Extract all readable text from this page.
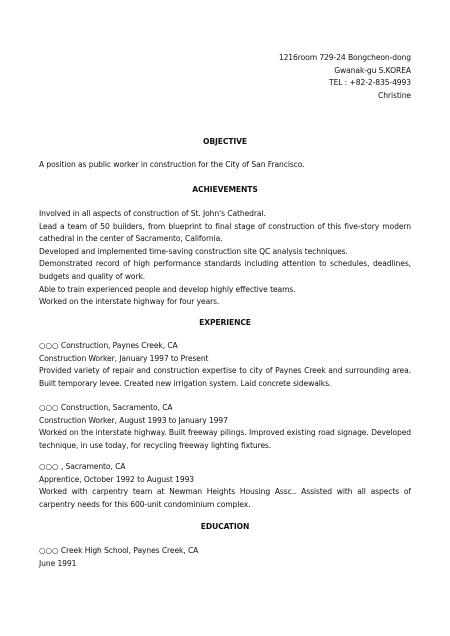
1216room 729-24 Bongcheon-dong
Gwanak-gu S.KOREA
TEL : +82-2-835-4993
Christine
OBJECTIVE
A position as public worker in construction for the City of San Francisco.
ACHIEVEMENTS
Involved in all aspects of construction of St. John's Cathedral.
Lead a team of 50 builders, from blueprint to final stage of construction of this five-story modern
cathedral in the center of Sacramento, California.
Developed and implemented time-saving construction site QC analysis techniques.
Demonstrated record of high performance standards including attention to schedules, deadlines,
budgets and quality of work.
Able to train experienced people and develop highly effective teams.
Worked on the interstate highway for four years.
EXPERIENCE
○○○ Construction, Paynes Creek, CA
Construction Worker, January 1997 to Present
Provided variety of repair and construction expertise to city of Paynes Creek and surrounding area.
Built temporary levee. Created new irrigation system. Laid concrete sidewalks.
○○○ Construction, Sacramento, CA
Construction Worker, August 1993 to January 1997
Worked on the interstate highway. Built freeway pilings. Improved existing road signage. Developed
technique, in use today, for recycling freeway lighting fixtures.
○○○ , Sacramento, CA
Apprentice, October 1992 to August 1993
Worked with carpentry team at Newman Heights Housing Assc.. Assisted with all aspects of
carpentry needs for this 600-unit condominium complex.
EDUCATION
○○○ Creek High School, Paynes Creek, CA
June 1991
